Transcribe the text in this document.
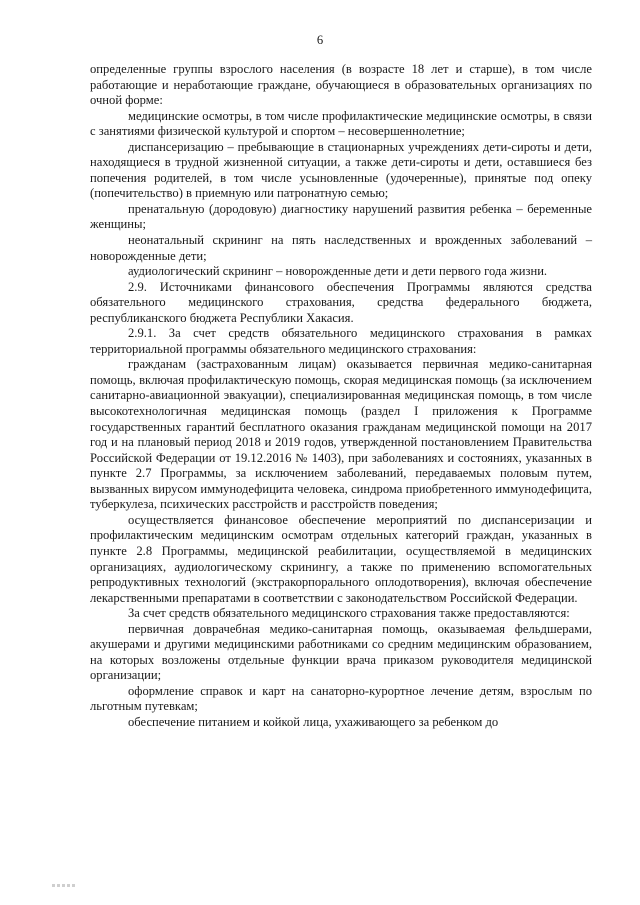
6

определенные группы взрослого населения (в возрасте 18 лет и старше), в том числе работающие и неработающие граждане, обучающиеся в образовательных организациях по очной форме:

медицинские осмотры, в том числе профилактические медицинские осмотры, в связи с занятиями физической культурой и спортом – несовершеннолетние;

диспансеризацию – пребывающие в стационарных учреждениях дети-сироты и дети, находящиеся в трудной жизненной ситуации, а также дети-сироты и дети, оставшиеся без попечения родителей, в том числе усыновленные (удочеренные), принятые под опеку (попечительство) в приемную или патронатную семью;

пренатальную (дородовую) диагностику нарушений развития ребенка – беременные женщины;

неонатальный скрининг на пять наследственных и врожденных заболеваний – новорожденные дети;

аудиологический скрининг – новорожденные дети и дети первого года жизни.

2.9. Источниками финансового обеспечения Программы являются средства обязательного медицинского страхования, средства федерального бюджета, республиканского бюджета Республики Хакасия.

2.9.1. За счет средств обязательного медицинского страхования в рамках территориальной программы обязательного медицинского страхования:

гражданам (застрахованным лицам) оказывается первичная медико-санитарная помощь, включая профилактическую помощь, скорая медицинская помощь (за исключением санитарно-авиационной эвакуации), специализированная медицинская помощь, в том числе высокотехнологичная медицинская помощь (раздел I приложения к Программе государственных гарантий бесплатного оказания гражданам медицинской помощи на 2017 год и на плановый период 2018 и 2019 годов, утвержденной постановлением Правительства Российской Федерации от 19.12.2016 № 1403), при заболеваниях и состояниях, указанных в пункте 2.7 Программы, за исключением заболеваний, передаваемых половым путем, вызванных вирусом иммунодефицита человека, синдрома приобретенного иммунодефицита, туберкулеза, психических расстройств и расстройств поведения;

осуществляется финансовое обеспечение мероприятий по диспансеризации и профилактическим медицинским осмотрам отдельных категорий граждан, указанных в пункте 2.8 Программы, медицинской реабилитации, осуществляемой в медицинских организациях, аудиологическому скринингу, а также по применению вспомогательных репродуктивных технологий (экстракорпорального оплодотворения), включая обеспечение лекарственными препаратами в соответствии с законодательством Российской Федерации.

За счет средств обязательного медицинского страхования также предоставляются:

первичная доврачебная медико-санитарная помощь, оказываемая фельдшерами, акушерами и другими медицинскими работниками со средним медицинским образованием, на которых возложены отдельные функции врача приказом руководителя медицинской организации;

оформление справок и карт на санаторно-курортное лечение детям, взрослым по льготным путевкам;

обеспечение питанием и койкой лица, ухаживающего за ребенком до
